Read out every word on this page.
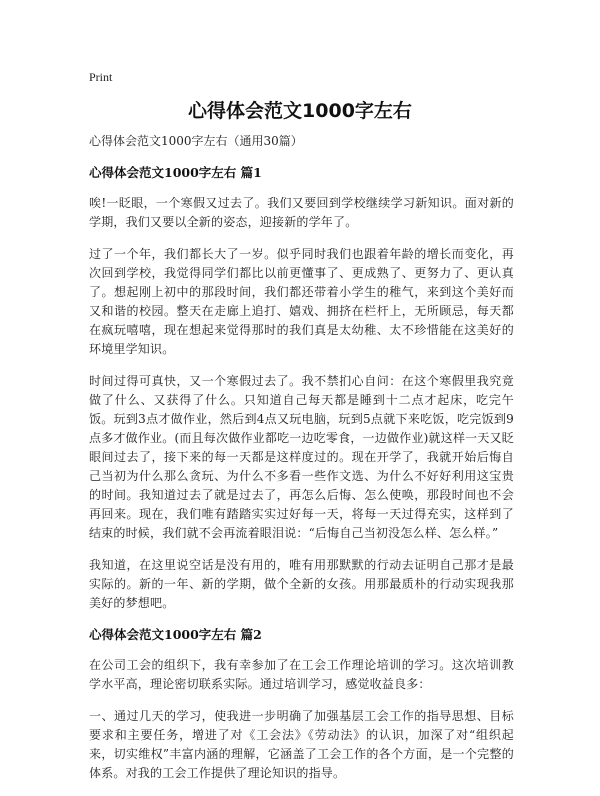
Print
心得体会范文1000字左右

心得体会范文1000字左右（通用30篇）

心得体会范文1000字左右 篇1

唉!一眨眼，一个寒假又过去了。我们又要回到学校继续学习新知识。面对新的学期，我们又要以全新的姿态，迎接新的学年了。

过了一个年，我们都长大了一岁。似乎同时我们也跟着年龄的增长而变化，再次回到学校，我觉得同学们都比以前更懂事了、更成熟了、更努力了、更认真了。想起刚上初中的那段时间，我们都还带着小学生的稚气，来到这个美好而又和谐的校园。整天在走廊上追打、嬉戏、拥挤在栏杆上，无所顾忌，每天都在疯玩嘻嘻，现在想起来觉得那时的我们真是太幼稚、太不珍惜能在这美好的环境里学知识。

时间过得可真快，又一个寒假过去了。我不禁扪心自问：在这个寒假里我究竟做了什么、又获得了什么。只知道自己每天都是睡到十二点才起床，吃完午饭。玩到3点才做作业，然后到4点又玩电脑，玩到5点就下来吃饭，吃完饭到9点多才做作业。(而且每次做作业都吃一边吃零食，一边做作业)就这样一天又眨眼间过去了，接下来的每一天都是这样度过的。现在开学了，我就开始后悔自己当初为什么那么贪玩、为什么不多看一些作文选、为什么不好好利用这宝贵的时间。我知道过去了就是过去了，再怎么后悔、怎么使唤，那段时间也不会再回来。现在，我们唯有踏踏实实过好每一天，将每一天过得充实，这样到了结束的时候，我们就不会再流着眼泪说：“后悔自己当初没怎么样、怎么样。”

我知道，在这里说空话是没有用的，唯有用那默默的行动去证明自己那才是最实际的。新的一年、新的学期，做个全新的女孩。用那最质朴的行动实现我那美好的梦想吧。

心得体会范文1000字左右 篇2

在公司工会的组织下，我有幸参加了在工会工作理论培训的学习。这次培训教学水平高，理论密切联系实际。通过培训学习，感觉收益良多：

一、通过几天的学习，使我进一步明确了加强基层工会工作的指导思想、目标要求和主要任务，增进了对《工会法》《劳动法》的认识，加深了对“组织起来，切实维权”丰富内涵的理解，它涵盖了工会工作的各个方面，是一个完整的体系。对我的工会工作提供了理论知识的指导。
